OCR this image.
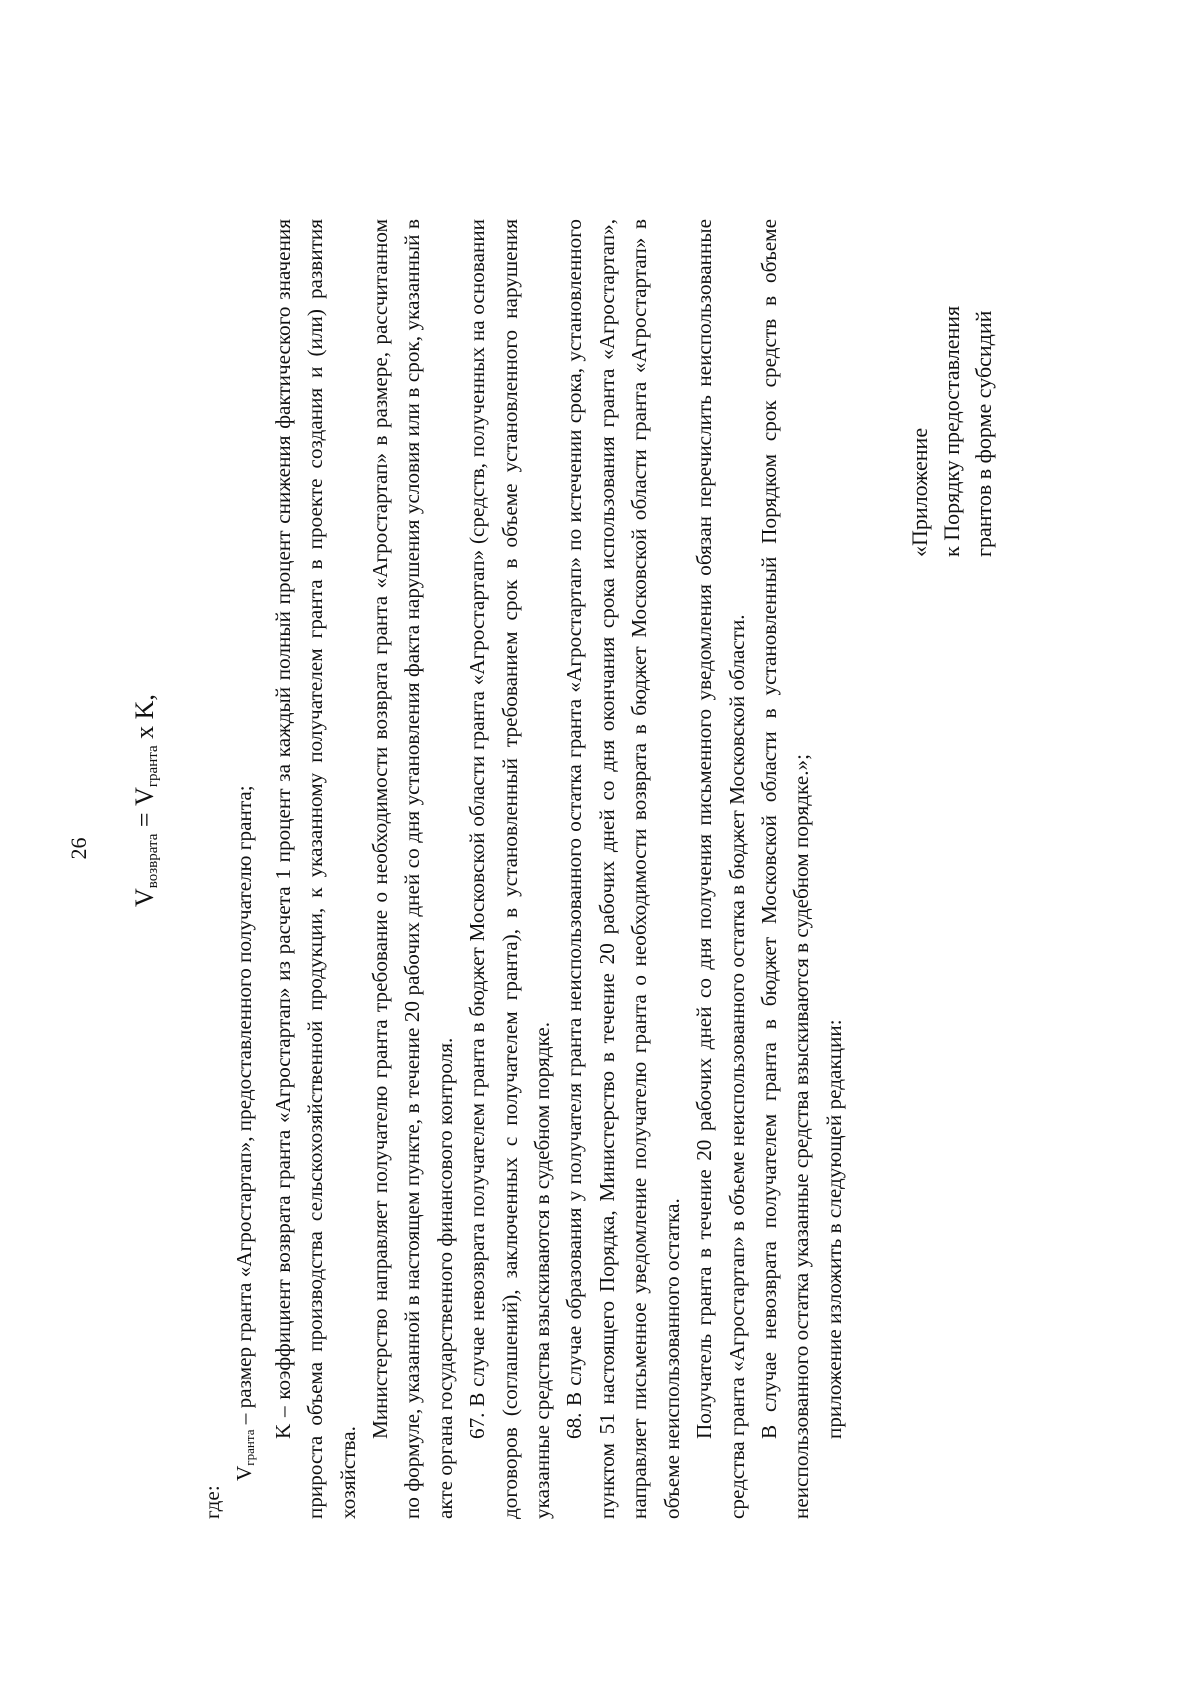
26
$V_{возврата} = V_{гранта}$ x K,

где:

$V_{гранта}$ – размер гранта «Агростартап», предоставленного получателю гранта; K – коэффициент возврата гранта «Агростартап» из расчета 1 процент за каждый полный процент снижения фактического значения прироста объема производства сельскохозяйственной продукции, к указанному получателем гранта в проекте создания и (или) развития хозяйства.

Министерство направляет получателю гранта требование о необходимости возврата гранта «Агростартап» в размере, рассчитанном по формуле, указанной в настоящем пункте, в течение 20 рабочих дней со дня установления факта нарушения условия или в срок, указанный в акте органа государственного финансового контроля. 67. В случае невозврата получателем гранта в бюджет Московской области гранта «Агростартап» (средств, полученных на основании договоров (соглашений), заключенных с получателем гранта), в установленный требованием срок в объеме установленного нарушения указанные средства взыскиваются в судебном порядке. 68. В случае образования у получателя гранта неиспользованного остатка гранта «Агростартап» по истечении срока, установленного пунктом 51 настоящего Порядка, Министерство в течение 20 рабочих дней со дня окончания срока использования гранта «Агростартап», направляет письменное уведомление получателю гранта о необходимости возврата в бюджет Московской области гранта «Агростартап» в объеме неиспользованного остатка. Получатель гранта в течение 20 рабочих дней со дня получения письменного уведомления обязан перечислить неиспользованные средства гранта «Агростартап» в объеме неиспользованного остатка в бюджет Московской области. В случае невозврата получателем гранта в бюджет Московской области в установленный Порядком срок средств в объеме неиспользованного остатка указанные средства взыскиваются в судебном порядке.»; приложение изложить в следующей редакции:

«Приложение к Порядку предоставления грантов в форме субсидий
